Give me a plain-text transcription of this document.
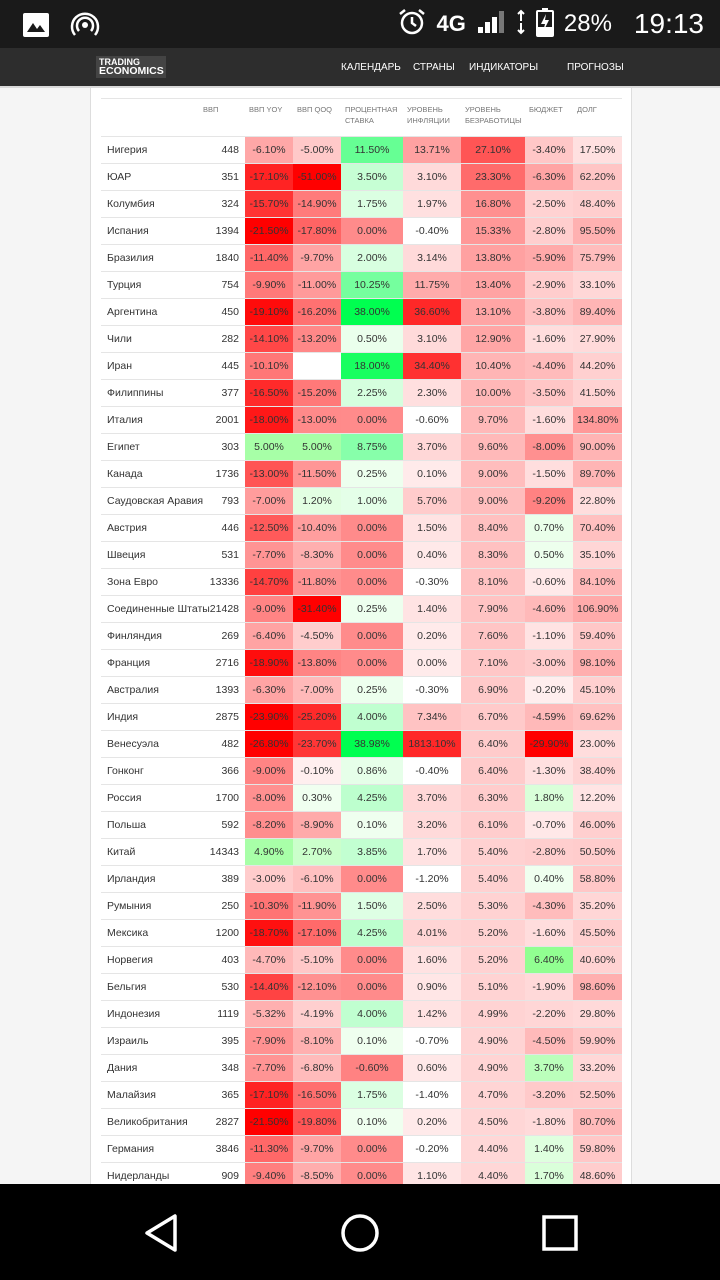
4G	28% 19:13
TRADING
ECONOMICS	КАЛЕНДАРЬ СТРАНЫ ИНДИКАТОРЫ	ПРОГНОЗЫ
	ВВП	ВВП YOY	ВВП QOQ	ПРОЦЕНТНАЯ СТАВКА	УРОВЕНЬ ИНФЛЯЦИИ	УРОВЕНЬ БЕЗРАБОТИЦЫ	БЮДЖЕТ	ДОЛГ
Нигерия	448	-6.10%	-5.00%	11.50%	13.71%	27.10%	-3.40%	17.50%
ЮАР	351	-17.10%	-51.00%	3.50%	3.10%	23.30%	-6.30%	62.20%
Колумбия	324	-15.70%	-14.90%	1.75%	1.97%	16.80%	-2.50%	48.40%
Испания	1394	-21.50%	-17.80%	0.00%	-0.40%	15.33%	-2.80%	95.50%
Бразилия	1840	-11.40%	-9.70%	2.00%	3.14%	13.80%	-5.90%	75.79%
Турция	754	-9.90%	-11.00%	10.25%	11.75%	13.40%	-2.90%	33.10%
Аргентина	450	-19.10%	-16.20%	38.00%	36.60%	13.10%	-3.80%	89.40%
Чили	282	-14.10%	-13.20%	0.50%	3.10%	12.90%	-1.60%	27.90%
Иран	445	-10.10%		18.00%	34.40%	10.40%	-4.40%	44.20%
Филиппины	377	-16.50%	-15.20%	2.25%	2.30%	10.00%	-3.50%	41.50%
Италия	2001	-18.00%	-13.00%	0.00%	-0.60%	9.70%	-1.60%	134.80%
Египет	303	5.00%	5.00%	8.75%	3.70%	9.60%	-8.00%	90.00%
Канада	1736	-13.00%	-11.50%	0.25%	0.10%	9.00%	-1.50%	89.70%
Саудовская Аравия	793	-7.00%	1.20%	1.00%	5.70%	9.00%	-9.20%	22.80%
Австрия	446	-12.50%	-10.40%	0.00%	1.50%	8.40%	0.70%	70.40%
Швеция	531	-7.70%	-8.30%	0.00%	0.40%	8.30%	0.50%	35.10%
Зона Евро	13336	-14.70%	-11.80%	0.00%	-0.30%	8.10%	-0.60%	84.10%
Соединенные Штаты	21428	-9.00%	-31.40%	0.25%	1.40%	7.90%	-4.60%	106.90%
Финляндия	269	-6.40%	-4.50%	0.00%	0.20%	7.60%	-1.10%	59.40%
Франция	2716	-18.90%	-13.80%	0.00%	0.00%	7.10%	-3.00%	98.10%
Австралия	1393	-6.30%	-7.00%	0.25%	-0.30%	6.90%	-0.20%	45.10%
Индия	2875	-23.90%	-25.20%	4.00%	7.34%	6.70%	-4.59%	69.62%
Венесуэла	482	-26.80%	-23.70%	38.98%	1813.10%	6.40%	-29.90%	23.00%
Гонконг	366	-9.00%	-0.10%	0.86%	-0.40%	6.40%	-1.30%	38.40%
Россия	1700	-8.00%	0.30%	4.25%	3.70%	6.30%	1.80%	12.20%
Польша	592	-8.20%	-8.90%	0.10%	3.20%	6.10%	-0.70%	46.00%
Китай	14343	4.90%	2.70%	3.85%	1.70%	5.40%	-2.80%	50.50%
Ирландия	389	-3.00%	-6.10%	0.00%	-1.20%	5.40%	0.40%	58.80%
Румыния	250	-10.30%	-11.90%	1.50%	2.50%	5.30%	-4.30%	35.20%
Мексика	1200	-18.70%	-17.10%	4.25%	4.01%	5.20%	-1.60%	45.50%
Норвегия	403	-4.70%	-5.10%	0.00%	1.60%	5.20%	6.40%	40.60%
Бельгия	530	-14.40%	-12.10%	0.00%	0.90%	5.10%	-1.90%	98.60%
Индонезия	1119	-5.32%	-4.19%	4.00%	1.42%	4.99%	-2.20%	29.80%
Израиль	395	-7.90%	-8.10%	0.10%	-0.70%	4.90%	-4.50%	59.90%
Дания	348	-7.70%	-6.80%	-0.60%	0.60%	4.90%	3.70%	33.20%
Малайзия	365	-17.10%	-16.50%	1.75%	-1.40%	4.70%	-3.20%	52.50%
Великобритания	2827	-21.50%	-19.80%	0.10%	0.20%	4.50%	-1.80%	80.70%
Германия	3846	-11.30%	-9.70%	0.00%	-0.20%	4.40%	1.40%	59.80%
Нидерланды	909	-9.40%	-8.50%	0.00%	1.10%	4.40%	1.70%	48.60%
